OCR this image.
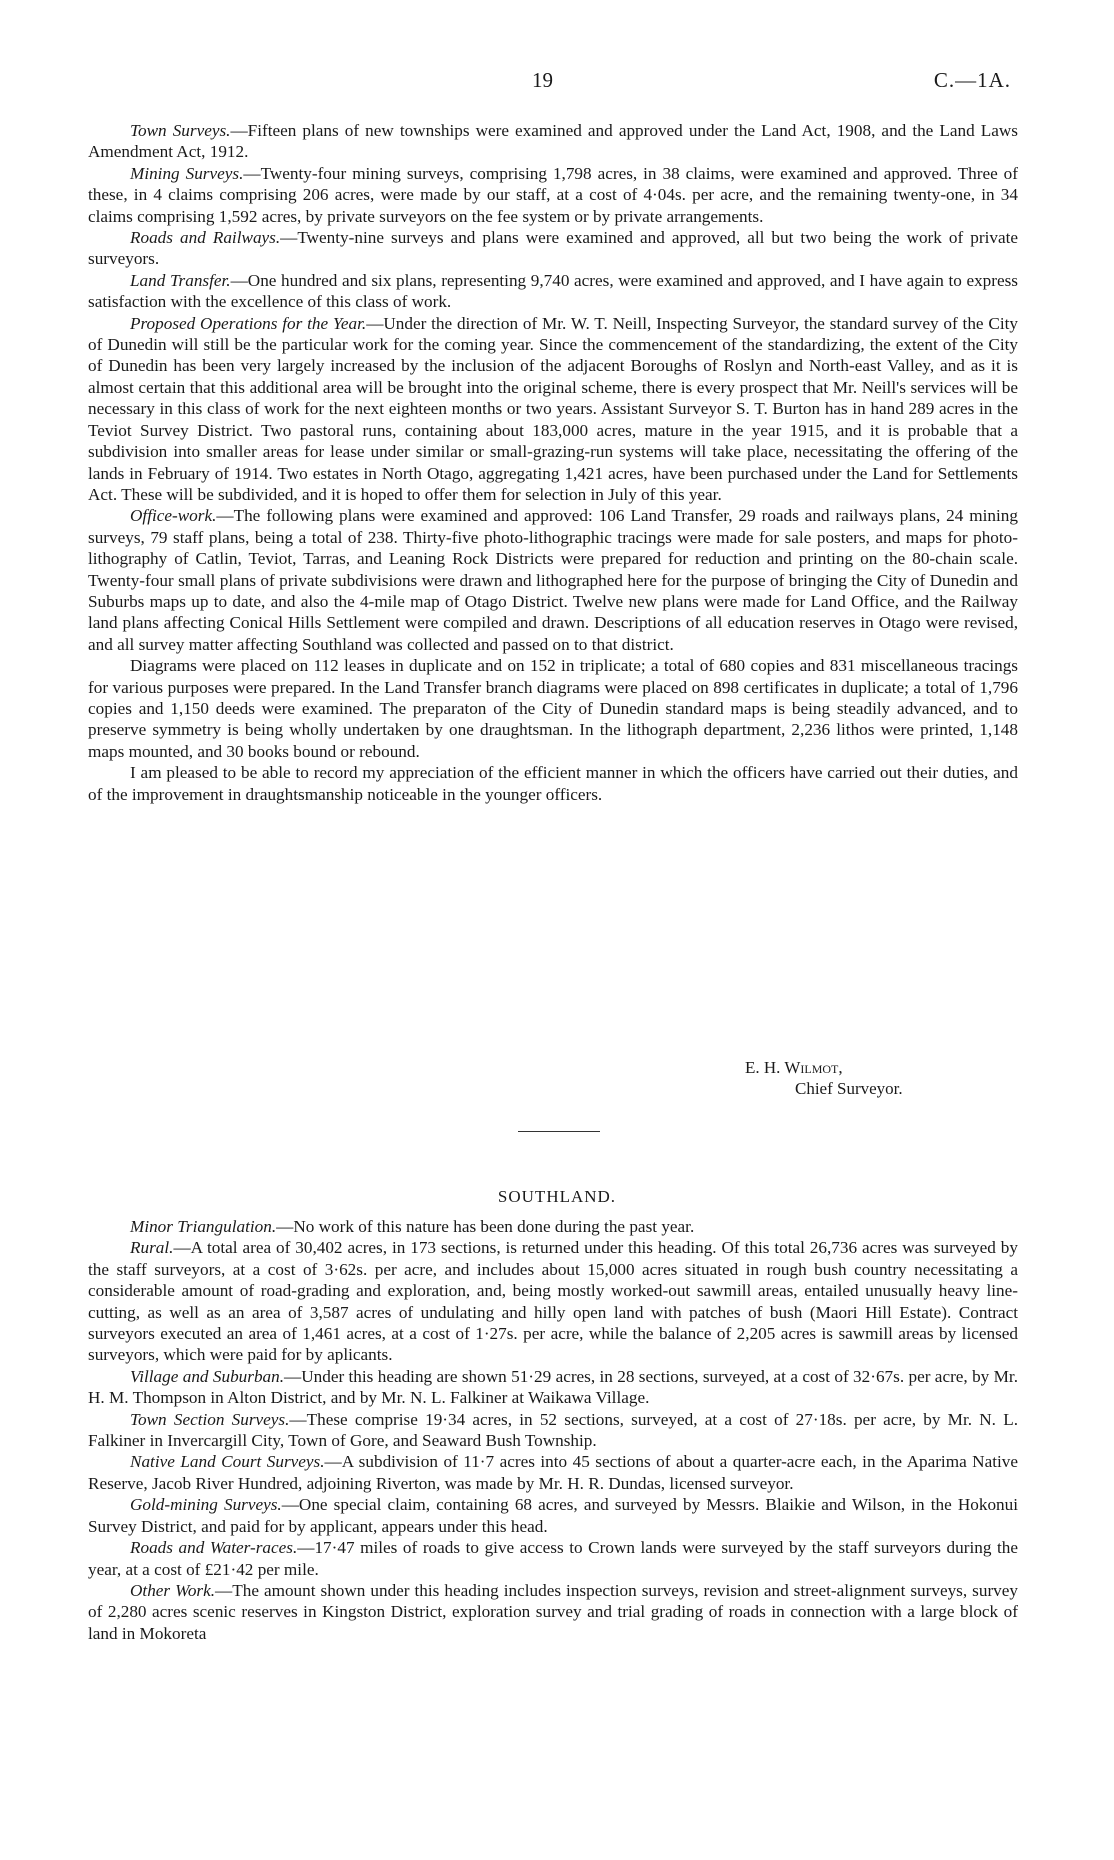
19	C.—1A.

Town Surveys.—Fifteen plans of new townships were examined and approved under the Land Act, 1908, and the Land Laws Amendment Act, 1912.

Mining Surveys.—Twenty-four mining surveys, comprising 1,798 acres, in 38 claims, were examined and approved. Three of these, in 4 claims comprising 206 acres, were made by our staff, at a cost of 4·04s. per acre, and the remaining twenty-one, in 34 claims comprising 1,592 acres, by private surveyors on the fee system or by private arrangements.

Roads and Railways.—Twenty-nine surveys and plans were examined and approved, all but two being the work of private surveyors.

Land Transfer.—One hundred and six plans, representing 9,740 acres, were examined and approved, and I have again to express satisfaction with the excellence of this class of work.

Proposed Operations for the Year.—Under the direction of Mr. W. T. Neill, Inspecting Surveyor, the standard survey of the City of Dunedin will still be the particular work for the coming year. Since the commencement of the standardizing, the extent of the City of Dunedin has been very largely increased by the inclusion of the adjacent Boroughs of Roslyn and North-east Valley, and as it is almost certain that this additional area will be brought into the original scheme, there is every prospect that Mr. Neill's services will be necessary in this class of work for the next eighteen months or two years. Assistant Surveyor S. T. Burton has in hand 289 acres in the Teviot Survey District. Two pastoral runs, containing about 183,000 acres, mature in the year 1915, and it is probable that a subdivision into smaller areas for lease under similar or small-grazing-run systems will take place, necessitating the offering of the lands in February of 1914. Two estates in North Otago, aggregating 1,421 acres, have been purchased under the Land for Settlements Act. These will be subdivided, and it is hoped to offer them for selection in July of this year.

Office-work.—The following plans were examined and approved: 106 Land Transfer, 29 roads and railways plans, 24 mining surveys, 79 staff plans, being a total of 238. Thirty-five photo-lithographic tracings were made for sale posters, and maps for photo-lithography of Catlin, Teviot, Tarras, and Leaning Rock Districts were prepared for reduction and printing on the 80-chain scale. Twenty-four small plans of private subdivisions were drawn and lithographed here for the purpose of bringing the City of Dunedin and Suburbs maps up to date, and also the 4-mile map of Otago District. Twelve new plans were made for Land Office, and the Railway land plans affecting Conical Hills Settlement were compiled and drawn. Descriptions of all education reserves in Otago were revised, and all survey matter affecting Southland was collected and passed on to that district.

Diagrams were placed on 112 leases in duplicate and on 152 in triplicate; a total of 680 copies and 831 miscellaneous tracings for various purposes were prepared. In the Land Transfer branch diagrams were placed on 898 certificates in duplicate; a total of 1,796 copies and 1,150 deeds were examined. The preparaton of the City of Dunedin standard maps is being steadily advanced, and to preserve symmetry is being wholly undertaken by one draughtsman. In the lithograph department, 2,236 lithos were printed, 1,148 maps mounted, and 30 books bound or rebound.

I am pleased to be able to record my appreciation of the efficient manner in which the officers have carried out their duties, and of the improvement in draughtsmanship noticeable in the younger officers.

E. H. Wilmot,
Chief Surveyor.
SOUTHLAND.

Minor Triangulation.—No work of this nature has been done during the past year.

Rural.—A total area of 30,402 acres, in 173 sections, is returned under this heading. Of this total 26,736 acres was surveyed by the staff surveyors, at a cost of 3·62s. per acre, and includes about 15,000 acres situated in rough bush country necessitating a considerable amount of road-grading and exploration, and, being mostly worked-out sawmill areas, entailed unusually heavy line-cutting, as well as an area of 3,587 acres of undulating and hilly open land with patches of bush (Maori Hill Estate). Contract surveyors executed an area of 1,461 acres, at a cost of 1·27s. per acre, while the balance of 2,205 acres is sawmill areas by licensed surveyors, which were paid for by aplicants.

Village and Suburban.—Under this heading are shown 51·29 acres, in 28 sections, surveyed, at a cost of 32·67s. per acre, by Mr. H. M. Thompson in Alton District, and by Mr. N. L. Falkiner at Waikawa Village.

Town Section Surveys.—These comprise 19·34 acres, in 52 sections, surveyed, at a cost of 27·18s. per acre, by Mr. N. L. Falkiner in Invercargill City, Town of Gore, and Seaward Bush Township.

Native Land Court Surveys.—A subdivision of 11·7 acres into 45 sections of about a quarter-acre each, in the Aparima Native Reserve, Jacob River Hundred, adjoining Riverton, was made by Mr. H. R. Dundas, licensed surveyor.

Gold-mining Surveys.—One special claim, containing 68 acres, and surveyed by Messrs. Blaikie and Wilson, in the Hokonui Survey District, and paid for by applicant, appears under this head.

Roads and Water-races.—17·47 miles of roads to give access to Crown lands were surveyed by the staff surveyors during the year, at a cost of £21·42 per mile.

Other Work.—The amount shown under this heading includes inspection surveys, revision and street-alignment surveys, survey of 2,280 acres scenic reserves in Kingston District, exploration survey and trial grading of roads in connection with a large block of land in Mokoreta
